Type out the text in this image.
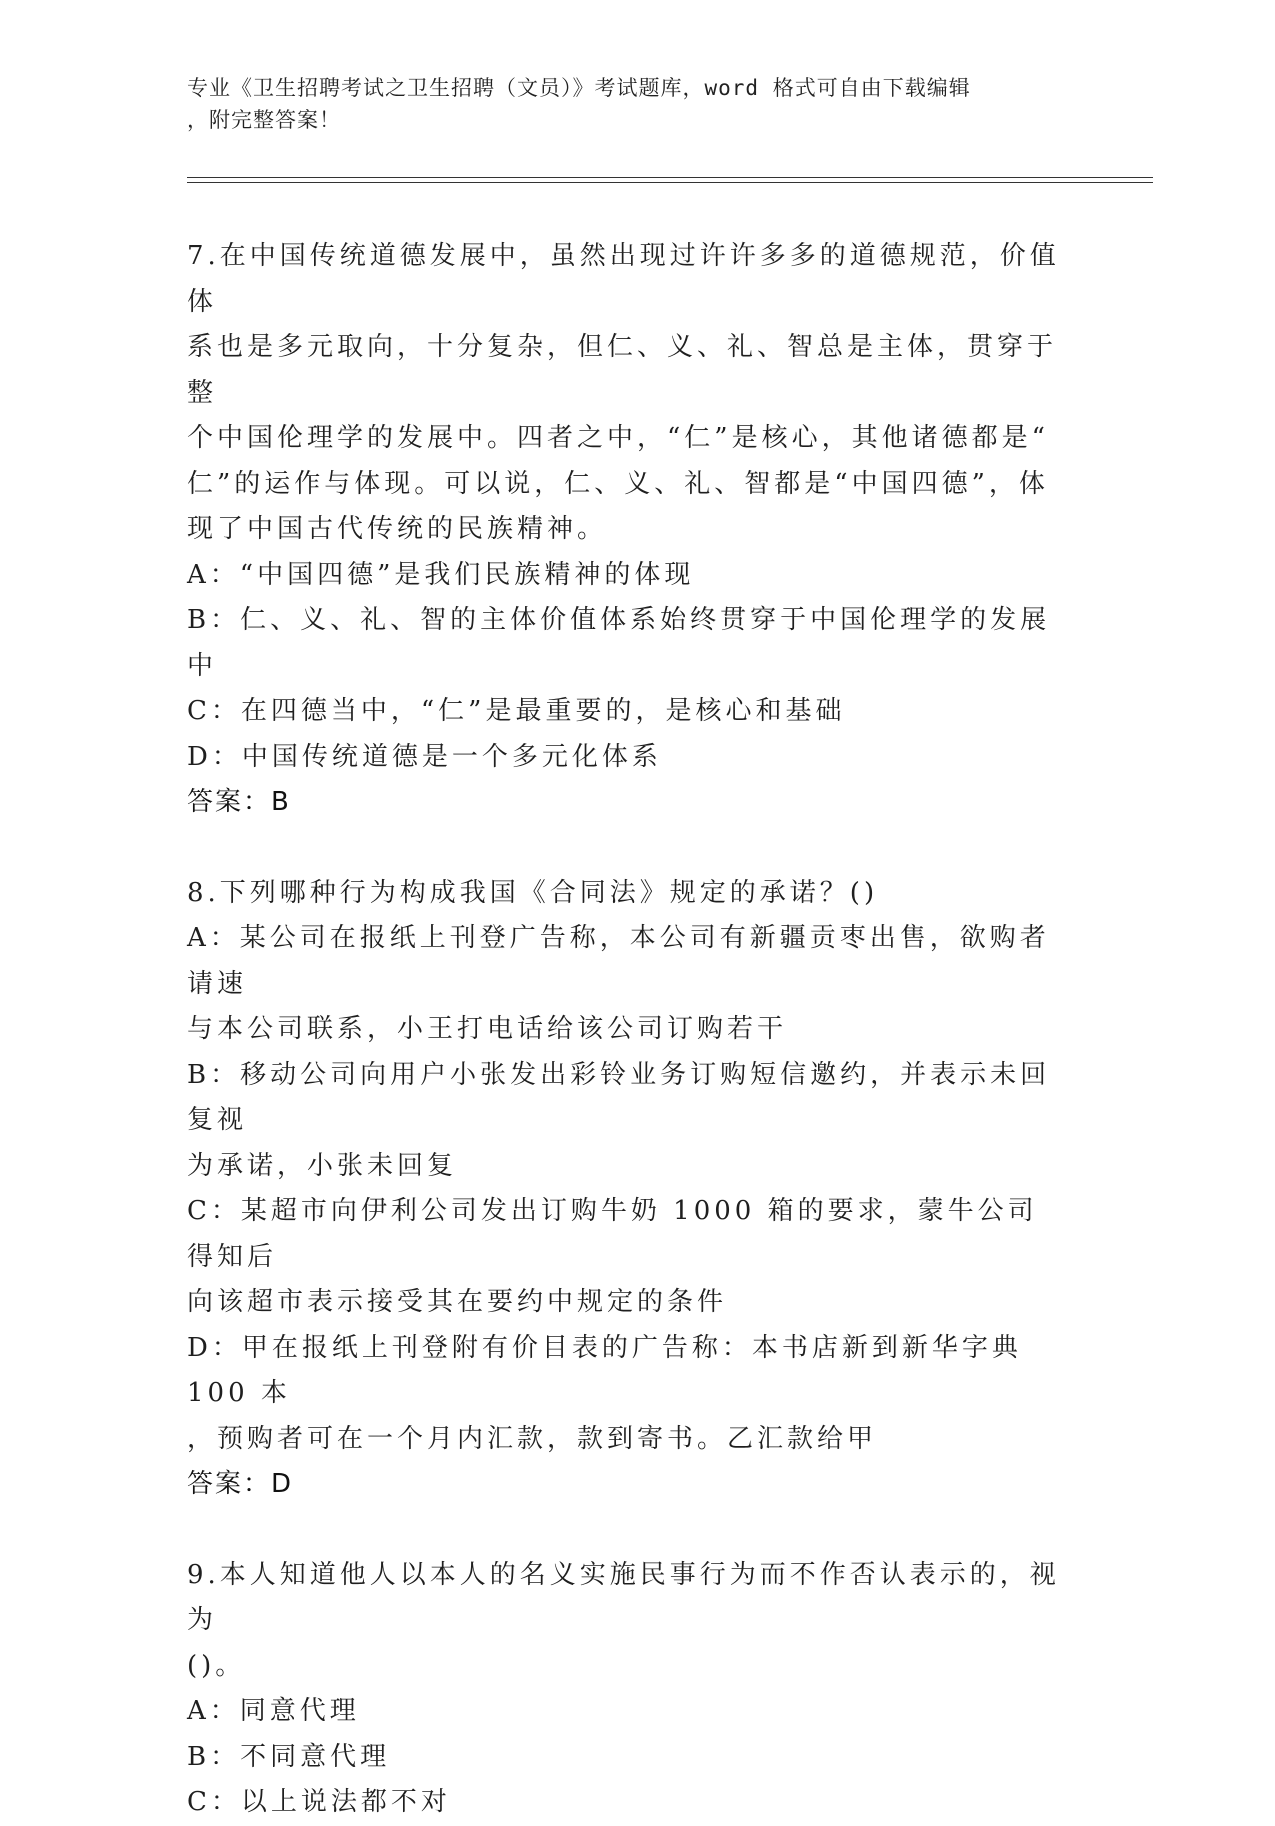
专业《卫生招聘考试之卫生招聘（文员）》考试题库，word 格式可自由下载编辑
，附完整答案！

7.在中国传统道德发展中，虽然出现过许许多多的道德规范，价值体

系也是多元取向，十分复杂，但仁、义、礼、智总是主体，贯穿于整

个中国伦理学的发展中。四者之中，“仁”是核心，其他诸德都是“

仁”的运作与体现。可以说，仁、义、礼、智都是“中国四德”，体

现了中国古代传统的民族精神。

A：“中国四德”是我们民族精神的体现

B：仁、义、礼、智的主体价值体系始终贯穿于中国伦理学的发展中

C：在四德当中，“仁”是最重要的，是核心和基础

D：中国传统道德是一个多元化体系

答案：B

8.下列哪种行为构成我国《合同法》规定的承诺？()

A：某公司在报纸上刊登广告称，本公司有新疆贡枣出售，欲购者请速

与本公司联系，小王打电话给该公司订购若干

B：移动公司向用户小张发出彩铃业务订购短信邀约，并表示未回复视

为承诺，小张未回复

C：某超市向伊利公司发出订购牛奶 1000 箱的要求，蒙牛公司得知后

向该超市表示接受其在要约中规定的条件

D：甲在报纸上刊登附有价目表的广告称：本书店新到新华字典 100 本

，预购者可在一个月内汇款，款到寄书。乙汇款给甲

答案：D

9.本人知道他人以本人的名义实施民事行为而不作否认表示的，视为

()。

A：同意代理

B：不同意代理

C：以上说法都不对
